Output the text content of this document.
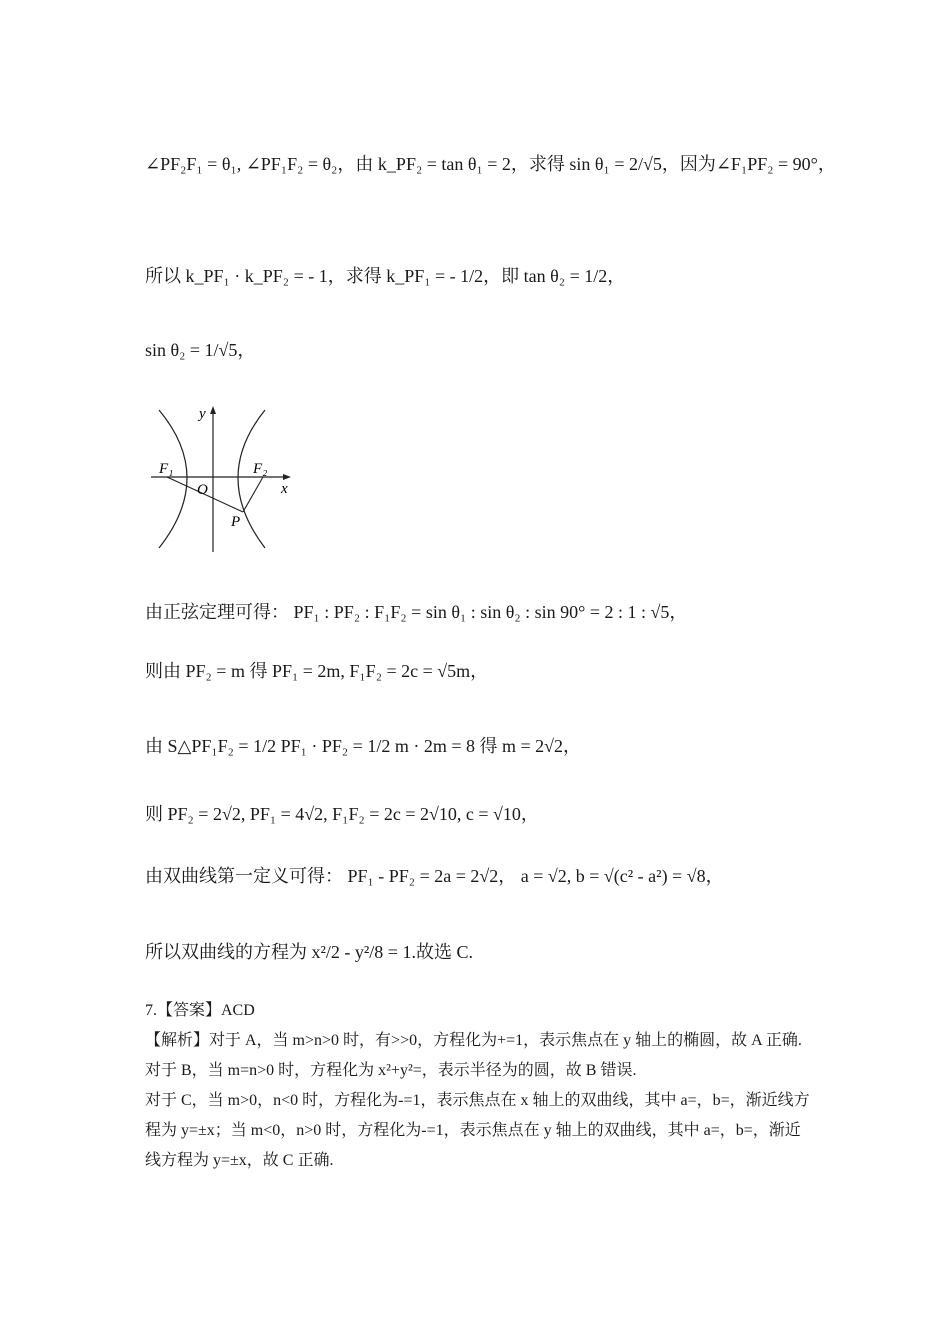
∠PF₂F₁ = θ₁, ∠PF₁F₂ = θ₂，由 k_PF₂ = tan θ₁ = 2，求得 sin θ₁ = 2/√5，因为∠F₁PF₂ = 90°，
所以 k_PF₁ · k_PF₂ = - 1，求得 k_PF₁ = - 1/2，即 tan θ₂ = 1/2，
sin θ₂ = 1/√5，
y
x
F₁	F₂
O
P
由正弦定理可得： PF₁ : PF₂ : F₁F₂ = sin θ₁ : sin θ₂ : sin 90° = 2 : 1 : √5，
则由 PF₂ = m 得 PF₁ = 2m, F₁F₂ = 2c = √5m，
由 S△PF₁F₂ = 1/2 PF₁ · PF₂ = 1/2 m · 2m = 8 得 m = 2√2，
则 PF₂ = 2√2, PF₁ = 4√2, F₁F₂ = 2c = 2√10, c = √10，
由双曲线第一定义可得： PF₁ - PF₂ = 2a = 2√2， a = √2, b = √(c² - a²) = √8，
所以双曲线的方程为 x²/2 - y²/8 = 1.故选 C.

7.【答案】ACD

【解析】对于 A，当 m>n>0 时，有>>0，方程化为+=1，表示焦点在 y 轴上的椭圆，故 A 正确.

对于 B，当 m=n>0 时，方程化为 x²+y²=，表示半径为的圆，故 B 错误.

对于 C，当 m>0，n<0 时，方程化为-=1，表示焦点在 x 轴上的双曲线，其中 a=，b=，渐近线方程为 y=±x；当 m<0，n>0 时，方程化为-=1，表示焦点在 y 轴上的双曲线，其中 a=，b=，渐近线方程为 y=±x，故 C 正确.
